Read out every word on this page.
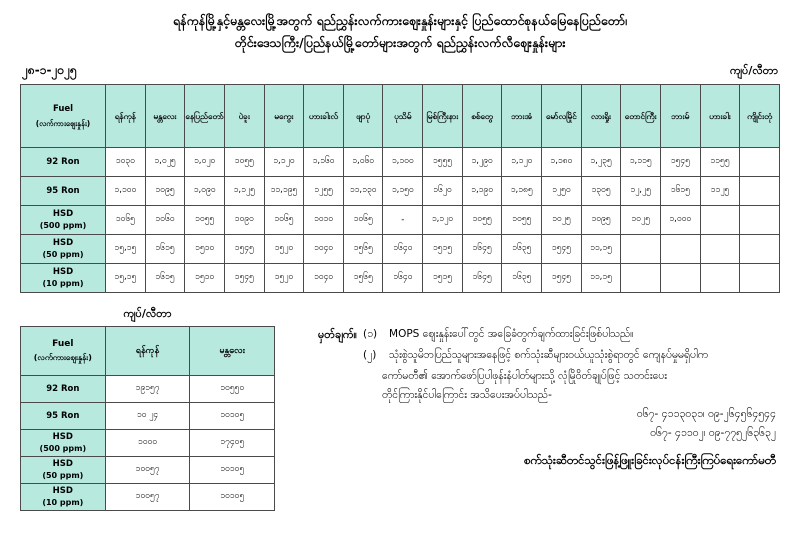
ရန်ကုန်မြို့နှင့်မန္တလေးမြို့အတွက် ရည်ညွှန်းလက်ကားဈေးနှုန်းများနှင့် ပြည်ထောင်စုနယ်မြေနေပြည်တော်၊
တိုင်းဒေသကြီး/ပြည်နယ်မြို့တော်များအတွက် ရည်ညွှန်းလက်လီဈေးနှုန်းများ
၂၈-၁-၂၀၂၅	ကျပ်/လီတာ
Fuel
(လက်ကားဈေးနှုန်း)	ရန်ကုန်	မန္တလေး	နေပြည်တော်	ပဲခူး	မကွေး	ဟားခါးလ်	ဖျာပုံ	ပုသိမ်	မြစ်ကြီးနား	စစ်တွေ	ဘားအံ	မော်လမြိုင်	လားရှိုး	တောင်ကြီး	ဘားမ်	ဟားခါး	ကျိုင်းတုံ
92 Ron	၁၀၃၀	၁,၀၂၅	၁,၀၂၀	၁၀၅၅	၁,၁၂၀	၁,၁၆၀	၁,၀၆၀	၁,၁၀၀	၁၅၅၅	၁,၂၉၀	၁,၁၂၀	၁,၁၈၀	၁,၂၃၅	၁,၁၁၅	၁၅၄၅	၁၁၅၅	
95 Ron	၁,၁၀၀	၁၀၉၅	၁,၀၉၀	၁,၁၂၅	၁၁,၁၉၅	၁၂၅၅	၁၁,၁၃၀	၁,၁၅၀	၁၆၂၀	၁,၁၉၀	၁,၁၈၅	၁၂၅၀	၁၃၀၅	၁၂,၂၅	၁၆၁၅	၁၁၂၅	
HSD
(500 ppm)	၁၀၆၅	၁၀၆၀	၁၀၅၅	၁၀၉၀	၁၀၆၅	၁၀၁၀	၁၀၆၅	-	၁,၁၂၀	၁၀၅၅	၁၀၅၅	၁၀၂၅	၁၀၉၅	၁၀၂၅	၁,၀၀၀		
HSD
(50 ppm)	၁၅,၁၅	၁၆၁၅	၁၅၁၀	၁၅၄၅	၁၅၂၀	၁၀၄၀	၁၅၆၅	၁၆၄၀	၁၅၁၅	၁၆၄၅	၁၆၃၅	၁၅၄၅	၁၁,၁၅				
HSD
(10 ppm)	၁၅,၁၅	၁၆၁၅	၁၅၁၀	၁၅၄၅	၁၅၂၀	၁၀၄၀	၁၅၆၅	၁၆၄၀	၁၅၁၅	၁၆၄၅	၁၆၃၅	၁၅၄၅	၁၁,၁၅				
ကျပ်/လီတာ
Fuel
(လက်ကားဈေးနှုန်း)	ရန်ကုန်	မန္တလေး
92 Ron	၁၉၁၅၇	၁၀၅၅၀
95 Ron	၁၀ ၂၄	၁၀၁၀၅
HSD
(500 ppm)	၁၀၀၀	၁၇၄၀၅
HSD
(50 ppm)	၁၀၀၅၇	၁၀၁၀၅
HSD
(10 ppm)	၁၀၀၅၇	၁၀၁၀၅
မှတ်ချက်။ (၁)	MOPS ဈေးနှုန်းပေါ်တွင် အခြေခံတွက်ချက်ထားခြင်းဖြစ်ပါသည်။
(၂)	သုံးစွဲသူမိဘပြည်သူများအနေဖြင့် စက်သုံးဆီများဝယ်ယူသုံးစွဲရာတွင် ကျေနပ်မှုမရှိပါက
ကော်မတီ၏ အောက်ဖော်ပြပါဖုန်းနံပါတ်များသို့ လုံမြိုဝိတ်ချုပ်ဖြင့် သတင်းပေး
တိုင်ကြားနိုင်ပါကြောင်း အသိပေးအပ်ပါသည်-
၀၆၇- ၄၁၁၃၀၃၁၊ ၀၉-၂၆၄၅၆၄၅၄၄
၀၆၇- ၄၁၁၀၂၊ ၀၉-၇၇၅၂၆၃၆၃၂
စက်သုံးဆီတင်သွင်းဖြန့်ဖြူးခြင်းလုပ်ငန်းကြီးကြပ်ရေးကော်မတီ
